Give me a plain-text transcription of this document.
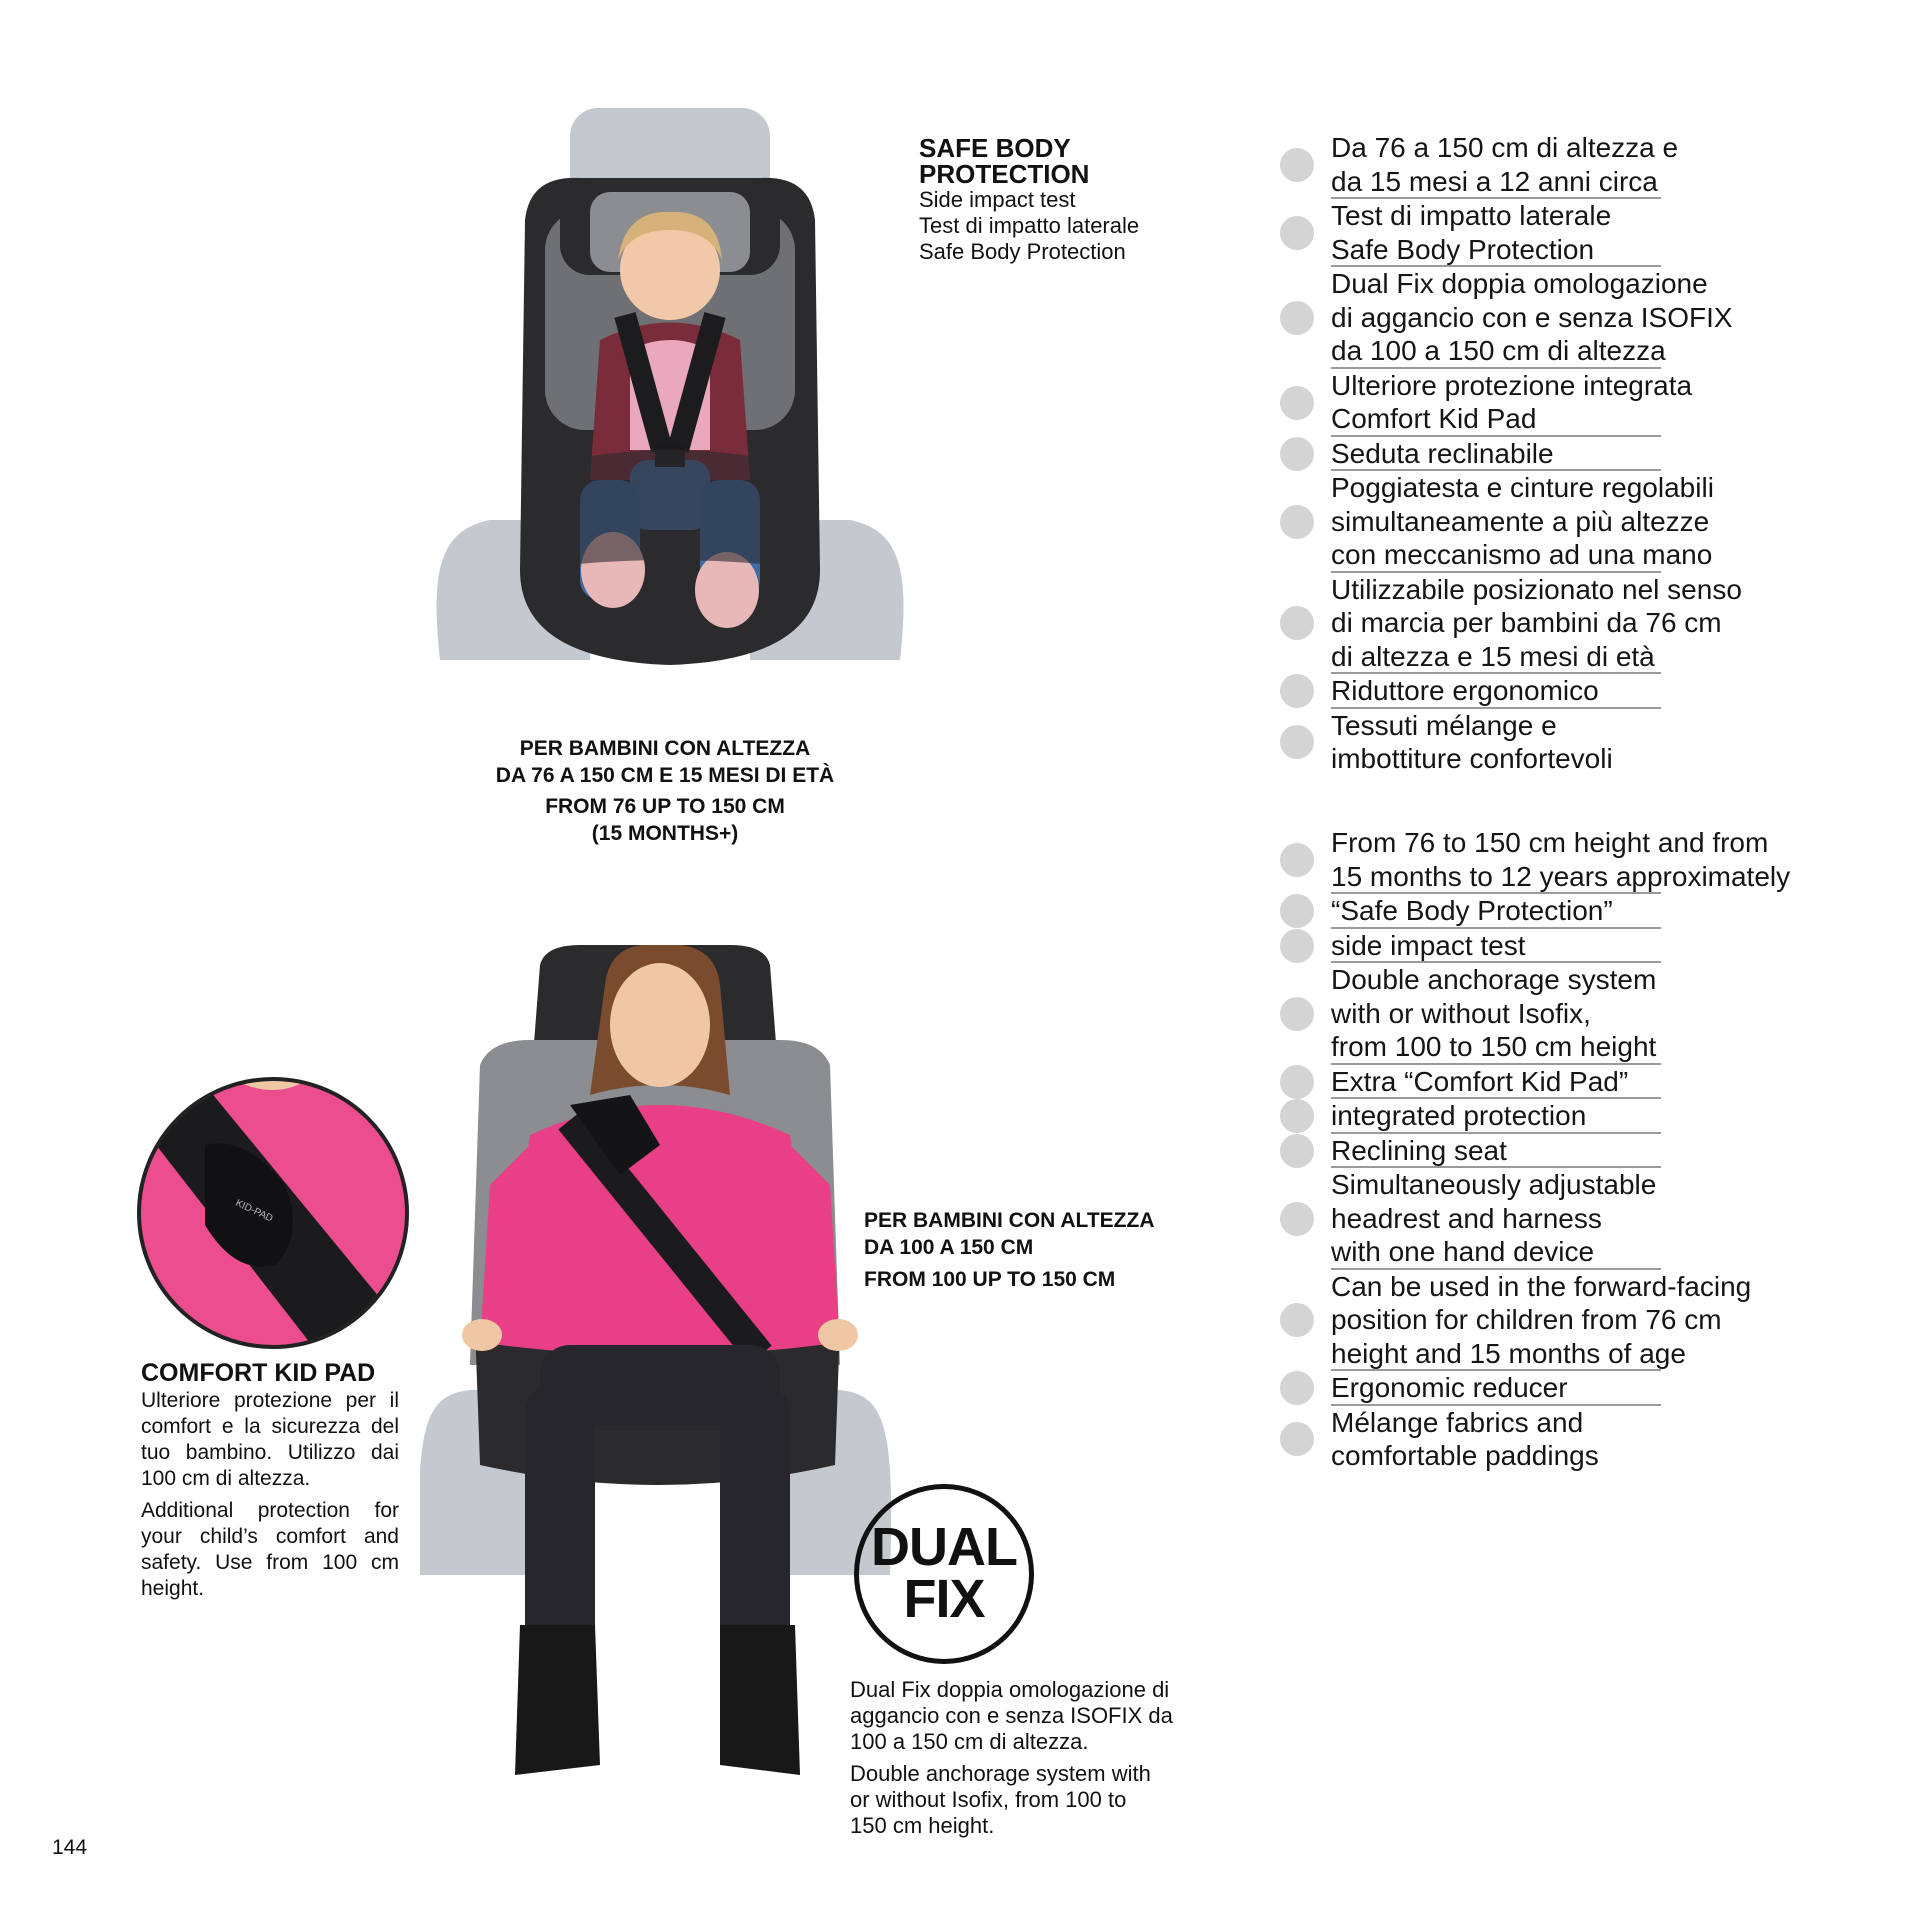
SAFE BODY
PROTECTION
Side impact test
Test di impatto laterale
Safe Body Protection
PER BAMBINI CON ALTEZZA
DA 76 A 150 CM E 15 MESI DI ETÀ
FROM 76 UP TO 150 CM
(15 MONTHS+)
KID-PAD
COMFORT KID PAD
Ulteriore protezione per il comfort e la sicurezza del tuo bambino. Utilizzo dai 100 cm di altezza.
Additional protection for your child’s comfort and safety. Use from 100 cm height.
PER BAMBINI CON ALTEZZA
DA 100 A 150 CM
FROM 100 UP TO 150 CM
DUAL
FIX
Dual Fix doppia omologazione di
aggancio con e senza ISOFIX da
100 a 150 cm di altezza.
Double anchorage system with
or without Isofix, from 100 to
150 cm height.
Da 76 a 150 cm di altezza e
da 15 mesi a 12 anni circa
Test di impatto laterale
Safe Body Protection
Dual Fix doppia omologazione
di aggancio con e senza ISOFIX
da 100 a 150 cm di altezza
Ulteriore protezione integrata
Comfort Kid Pad
Seduta reclinabile
Poggiatesta e cinture regolabili
simultaneamente a più altezze
con meccanismo ad una mano
Utilizzabile posizionato nel senso
di marcia per bambini da 76 cm
di altezza e 15 mesi di età
Riduttore ergonomico
Tessuti mélange e
imbottiture confortevoli
From 76 to 150 cm height and from
15 months to 12 years approximately
“Safe Body Protection”
side impact test
Double anchorage system
with or without Isofix,
from 100 to 150 cm height
Extra “Comfort Kid Pad”
integrated protection
Reclining seat
Simultaneously adjustable
headrest and harness
with one hand device
Can be used in the forward-facing
position for children from 76 cm
height and 15 months of age
Ergonomic reducer
Mélange fabrics and
comfortable paddings
144
